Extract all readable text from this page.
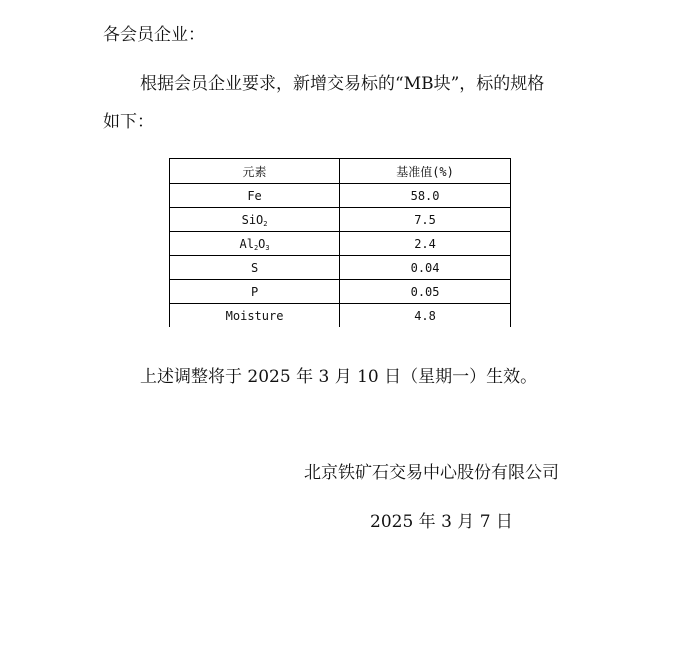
各会员企业：
根据会员企业要求，新增交易标的“MB块”，标的规格
如下：
元素	基准值(%)
Fe	58.0
SiO$_2$	7.5
$Al_2O_3$	2.4
S	0.04
P	0.05
Moisture	4.8
上述调整将于 2025 年 3 月 10 日（星期一）生效。
北京铁矿石交易中心股份有限公司
2025 年 3 月 7 日
